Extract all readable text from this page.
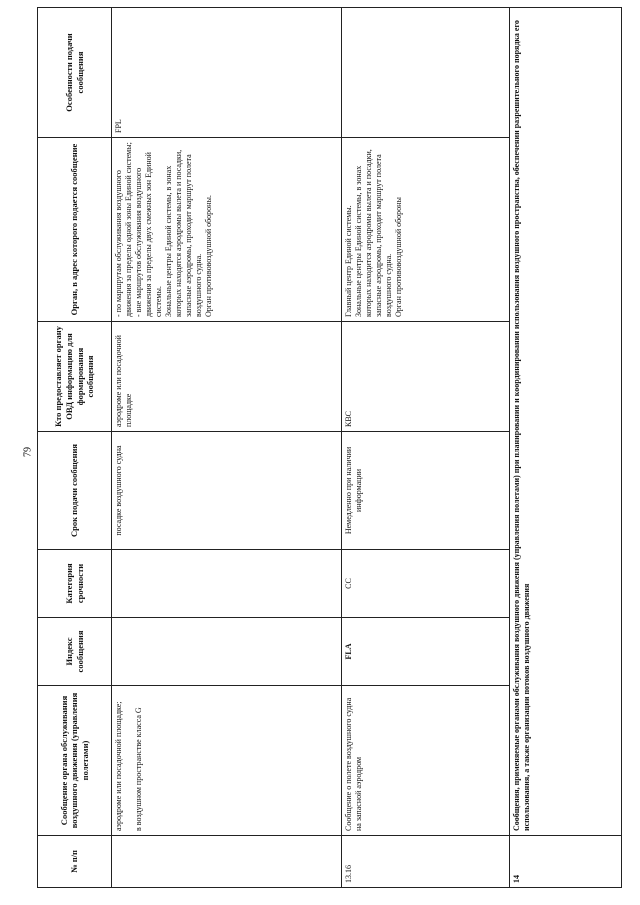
79
№ п/п	Сообщение органа обслуживания воздушного движения (управления полетами)	Индекс сообщения	Категория срочности	Срок подачи сообщения	Кто предоставляет органу ОВД информацию для формирования сообщения	Орган, в адрес которого подается сообщение	Особенности подачи сообщения

	аэродроме или посадочной площадке;
в воздушном пространстве класса G			посадке воздушного судна	аэродроме или посадочной площадке	- по маршрутам обслуживания воздушного движения за пределы одной зоны Единой системы; - вне маршрутов обслуживания воздушного движения за пределы двух смежных зон Единой системы. Зональные центры Единой системы, в зонах которых находятся аэродромы вылета и посадки, запасные аэродромы, проходит маршрут полета воздушного судна. Орган противовоздушной обороны.	FPL
13.16	Сообщение о полете воздушного судна на запасной аэродром	FLA	CC	Немедленно при наличии информации	КВС	Главный центр Единой системы. Зональные центры Единой системы, в зонах которых находится аэродромы вылета и посадки, запасные аэродромы, проходит маршрут полета воздушного судна. Орган противовоздушной обороны	

14	Сообщения, применяемые органами обслуживания воздушного движения (управления полетами) при планировании и координировании использования воздушного пространства, обеспечении разрешительного порядка его использования, а также организации потоков воздушного движения						
